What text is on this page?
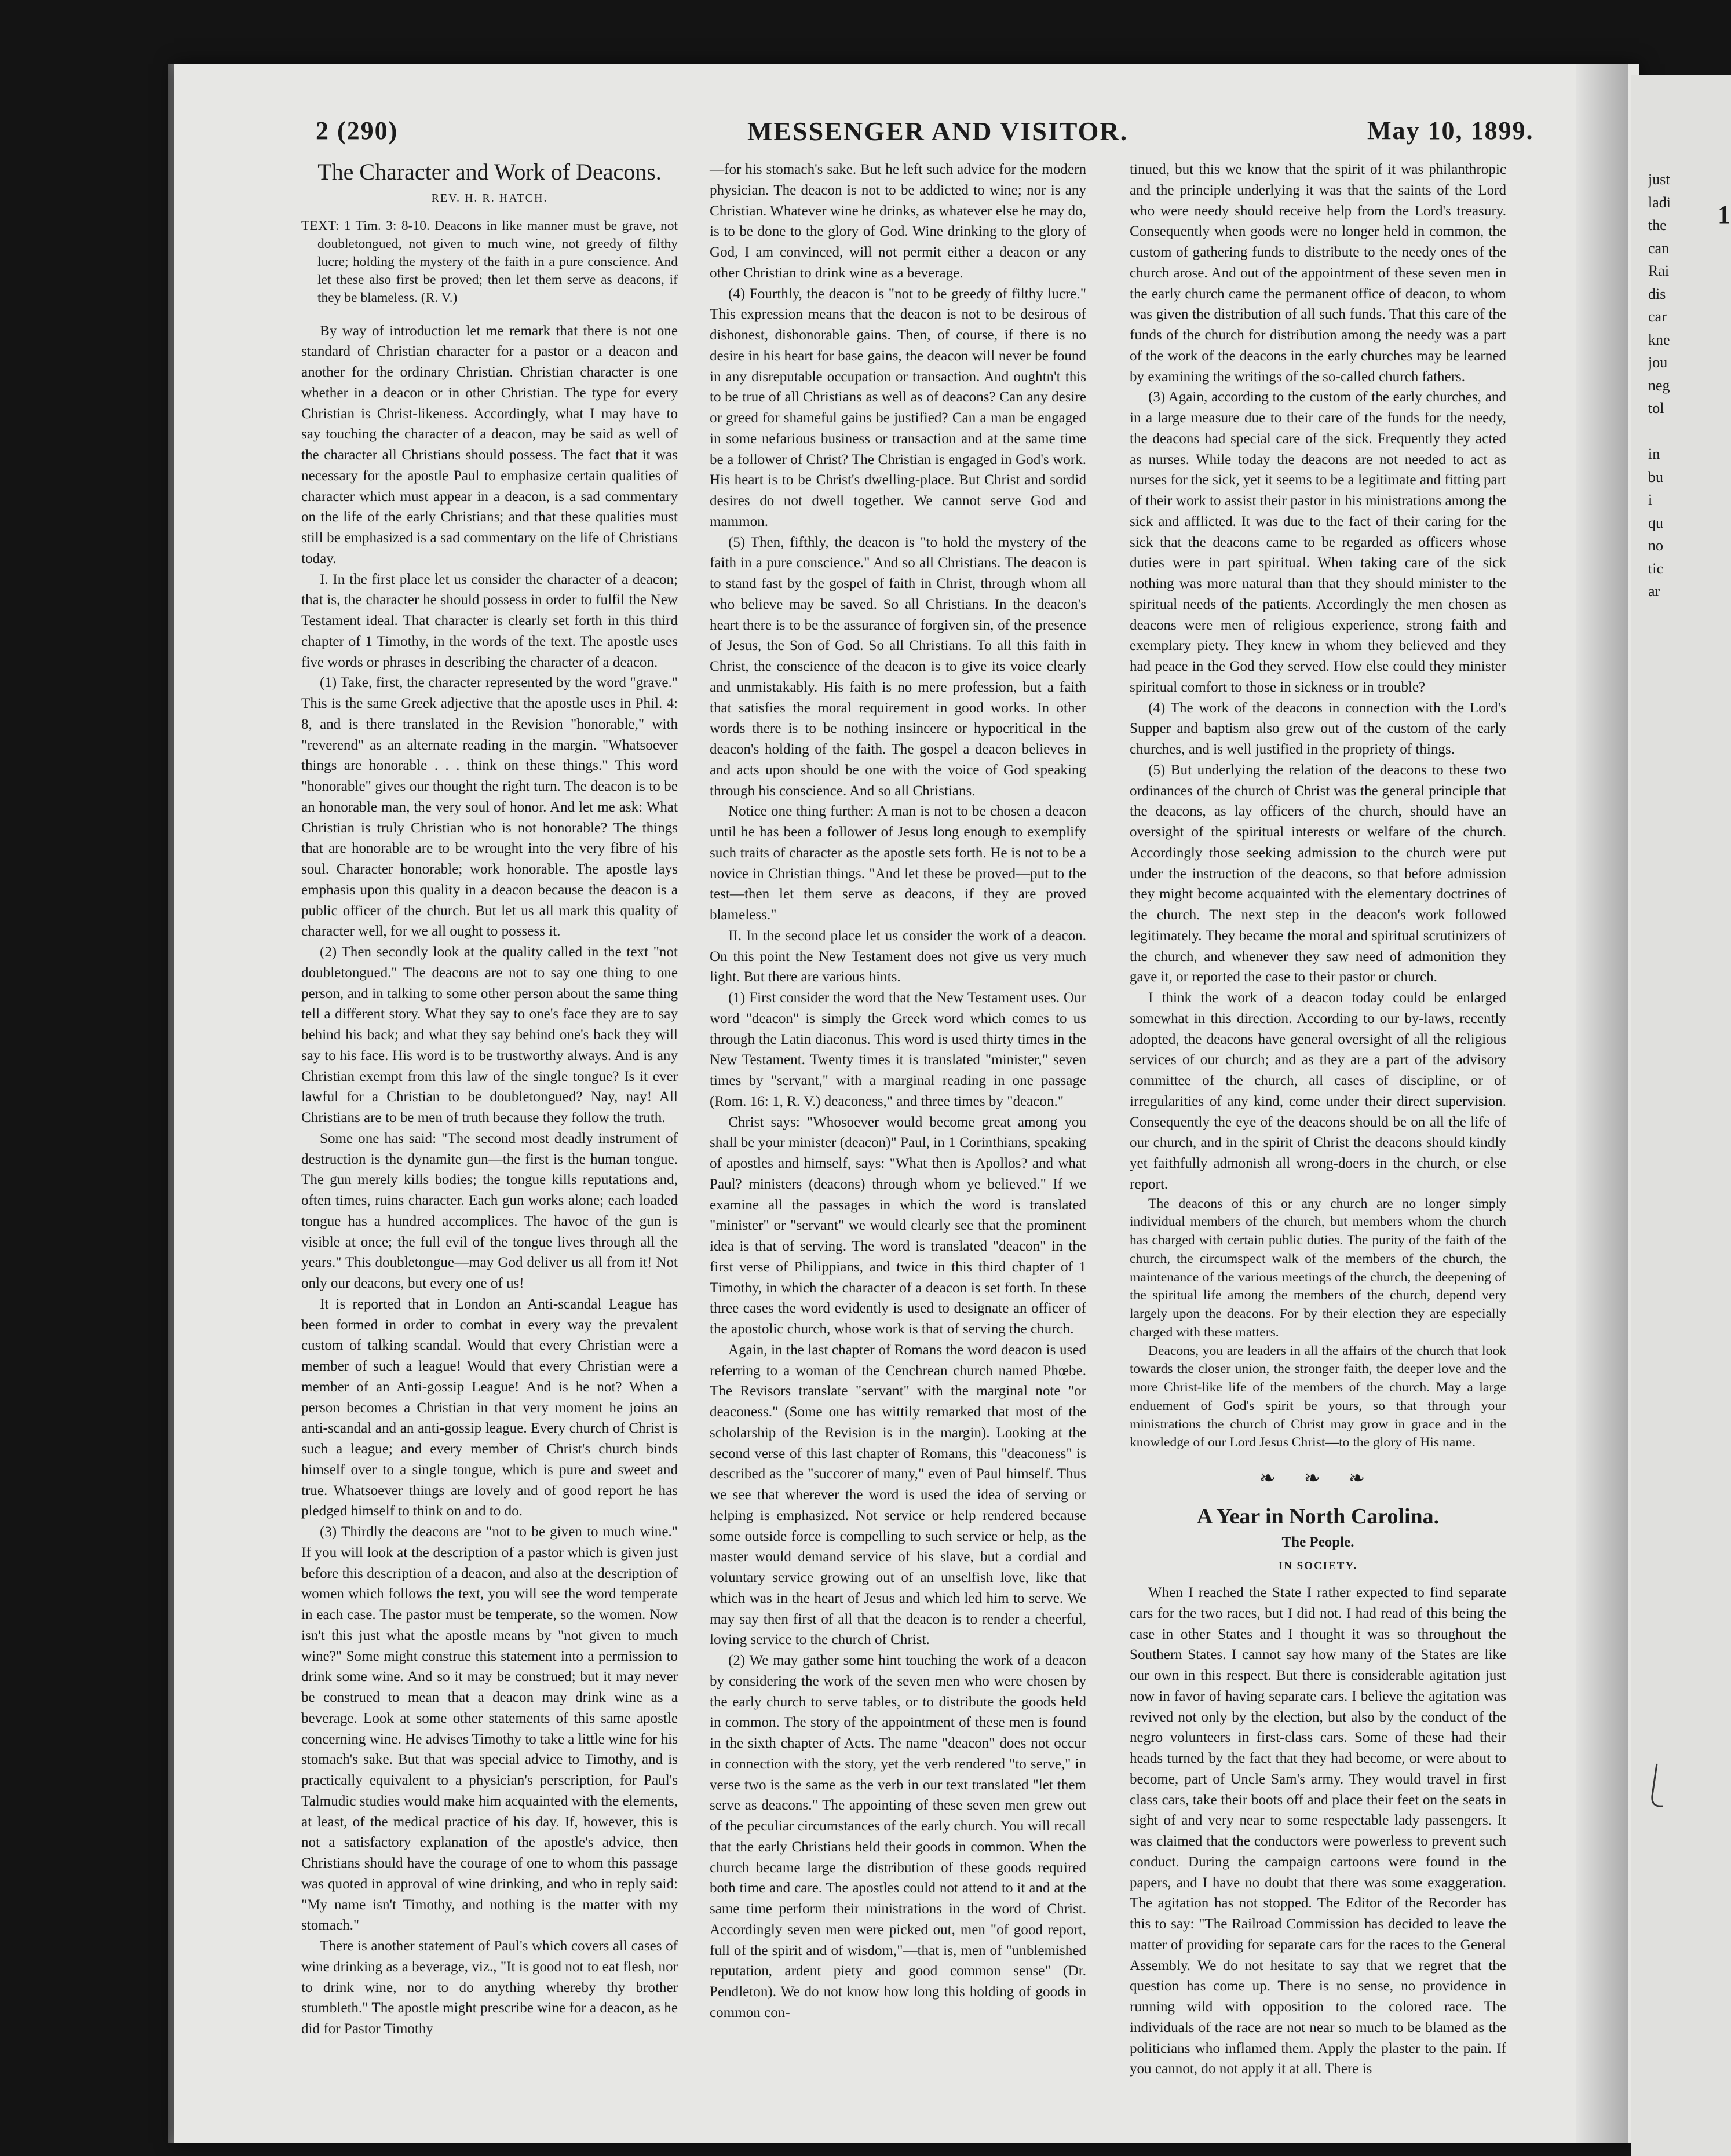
1
just
ladi
the
can
Rai
dis
car
kne
jou
neg
tol

in
bu
i
qu
no
tic
ar
2 (290)	MESSENGER AND VISITOR.	May 10, 1899.
The Character and Work of Deacons.
REV. H. R. HATCH.
TEXT: 1 Tim. 3: 8-10. Deacons in like manner must be grave, not doubletongued, not given to much wine, not greedy of filthy lucre; holding the mystery of the faith in a pure conscience. And let these also first be proved; then let them serve as deacons, if they be blameless. (R. V.)

By way of introduction let me remark that there is not one standard of Christian character for a pastor or a deacon and another for the ordinary Christian. Christian character is one whether in a deacon or in other Christian. The type for every Christian is Christ-likeness. Accordingly, what I may have to say touching the character of a deacon, may be said as well of the character all Christians should possess. The fact that it was necessary for the apostle Paul to emphasize certain qualities of character which must appear in a deacon, is a sad commentary on the life of the early Christians; and that these qualities must still be emphasized is a sad commentary on the life of Christians today.

I. In the first place let us consider the character of a deacon; that is, the character he should possess in order to fulfil the New Testament ideal. That character is clearly set forth in this third chapter of 1 Timothy, in the words of the text. The apostle uses five words or phrases in describing the character of a deacon.

(1) Take, first, the character represented by the word "grave." This is the same Greek adjective that the apostle uses in Phil. 4: 8, and is there translated in the Revision "honorable," with "reverend" as an alternate reading in the margin. "Whatsoever things are honorable . . . think on these things." This word "honorable" gives our thought the right turn. The deacon is to be an honorable man, the very soul of honor. And let me ask: What Christian is truly Christian who is not honorable? The things that are honorable are to be wrought into the very fibre of his soul. Character honorable; work honorable. The apostle lays emphasis upon this quality in a deacon because the deacon is a public officer of the church. But let us all mark this quality of character well, for we all ought to possess it.

(2) Then secondly look at the quality called in the text "not doubletongued." The deacons are not to say one thing to one person, and in talking to some other person about the same thing tell a different story. What they say to one's face they are to say behind his back; and what they say behind one's back they will say to his face. His word is to be trustworthy always. And is any Christian exempt from this law of the single tongue? Is it ever lawful for a Christian to be doubletongued? Nay, nay! All Christians are to be men of truth because they follow the truth.

Some one has said: "The second most deadly instrument of destruction is the dynamite gun—the first is the human tongue. The gun merely kills bodies; the tongue kills reputations and, often times, ruins character. Each gun works alone; each loaded tongue has a hundred accomplices. The havoc of the gun is visible at once; the full evil of the tongue lives through all the years." This doubletongue—may God deliver us all from it! Not only our deacons, but every one of us!

It is reported that in London an Anti-scandal League has been formed in order to combat in every way the prevalent custom of talking scandal. Would that every Christian were a member of such a league! Would that every Christian were a member of an Anti-gossip League! And is he not? When a person becomes a Christian in that very moment he joins an anti-scandal and an anti-gossip league. Every church of Christ is such a league; and every member of Christ's church binds himself over to a single tongue, which is pure and sweet and true. Whatsoever things are lovely and of good report he has pledged himself to think on and to do.

(3) Thirdly the deacons are "not to be given to much wine." If you will look at the description of a pastor which is given just before this description of a deacon, and also at the description of women which follows the text, you will see the word temperate in each case. The pastor must be temperate, so the women. Now isn't this just what the apostle means by "not given to much wine?" Some might construe this statement into a permission to drink some wine. And so it may be construed; but it may never be construed to mean that a deacon may drink wine as a beverage. Look at some other statements of this same apostle concerning wine. He advises Timothy to take a little wine for his stomach's sake. But that was special advice to Timothy, and is practically equivalent to a physician's perscription, for Paul's Talmudic studies would make him acquainted with the elements, at least, of the medical practice of his day. If, however, this is not a satisfactory explanation of the apostle's advice, then Christians should have the courage of one to whom this passage was quoted in approval of wine drinking, and who in reply said: "My name isn't Timothy, and nothing is the matter with my stomach."

There is another statement of Paul's which covers all cases of wine drinking as a beverage, viz., "It is good not to eat flesh, nor to drink wine, nor to do anything whereby thy brother stumbleth." The apostle might prescribe wine for a deacon, as he did for Pastor Timothy

—for his stomach's sake. But he left such advice for the modern physician. The deacon is not to be addicted to wine; nor is any Christian. Whatever wine he drinks, as whatever else he may do, is to be done to the glory of God. Wine drinking to the glory of God, I am convinced, will not permit either a deacon or any other Christian to drink wine as a beverage.

(4) Fourthly, the deacon is "not to be greedy of filthy lucre." This expression means that the deacon is not to be desirous of dishonest, dishonorable gains. Then, of course, if there is no desire in his heart for base gains, the deacon will never be found in any disreputable occupation or transaction. And oughtn't this to be true of all Christians as well as of deacons? Can any desire or greed for shameful gains be justified? Can a man be engaged in some nefarious business or transaction and at the same time be a follower of Christ? The Christian is engaged in God's work. His heart is to be Christ's dwelling-place. But Christ and sordid desires do not dwell together. We cannot serve God and mammon.

(5) Then, fifthly, the deacon is "to hold the mystery of the faith in a pure conscience." And so all Christians. The deacon is to stand fast by the gospel of faith in Christ, through whom all who believe may be saved. So all Christians. In the deacon's heart there is to be the assurance of forgiven sin, of the presence of Jesus, the Son of God. So all Christians. To all this faith in Christ, the conscience of the deacon is to give its voice clearly and unmistakably. His faith is no mere profession, but a faith that satisfies the moral requirement in good works. In other words there is to be nothing insincere or hypocritical in the deacon's holding of the faith. The gospel a deacon believes in and acts upon should be one with the voice of God speaking through his conscience. And so all Christians.

Notice one thing further: A man is not to be chosen a deacon until he has been a follower of Jesus long enough to exemplify such traits of character as the apostle sets forth. He is not to be a novice in Christian things. "And let these be proved—put to the test—then let them serve as deacons, if they are proved blameless."

II. In the second place let us consider the work of a deacon. On this point the New Testament does not give us very much light. But there are various hints.

(1) First consider the word that the New Testament uses. Our word "deacon" is simply the Greek word which comes to us through the Latin diaconus. This word is used thirty times in the New Testament. Twenty times it is translated "minister," seven times by "servant," with a marginal reading in one passage (Rom. 16: 1, R. V.) deaconess," and three times by "deacon."

Christ says: "Whosoever would become great among you shall be your minister (deacon)" Paul, in 1 Corinthians, speaking of apostles and himself, says: "What then is Apollos? and what Paul? ministers (deacons) through whom ye believed." If we examine all the passages in which the word is translated "minister" or "servant" we would clearly see that the prominent idea is that of serving. The word is translated "deacon" in the first verse of Philippians, and twice in this third chapter of 1 Timothy, in which the character of a deacon is set forth. In these three cases the word evidently is used to designate an officer of the apostolic church, whose work is that of serving the church.

Again, in the last chapter of Romans the word deacon is used referring to a woman of the Cenchrean church named Phœbe. The Revisors translate "servant" with the marginal note "or deaconess." (Some one has wittily remarked that most of the scholarship of the Revision is in the margin). Looking at the second verse of this last chapter of Romans, this "deaconess" is described as the "succorer of many," even of Paul himself. Thus we see that wherever the word is used the idea of serving or helping is emphasized. Not service or help rendered because some outside force is compelling to such service or help, as the master would demand service of his slave, but a cordial and voluntary service growing out of an unselfish love, like that which was in the heart of Jesus and which led him to serve. We may say then first of all that the deacon is to render a cheerful, loving service to the church of Christ.

(2) We may gather some hint touching the work of a deacon by considering the work of the seven men who were chosen by the early church to serve tables, or to distribute the goods held in common. The story of the appointment of these men is found in the sixth chapter of Acts. The name "deacon" does not occur in connection with the story, yet the verb rendered "to serve," in verse two is the same as the verb in our text translated "let them serve as deacons." The appointing of these seven men grew out of the peculiar circumstances of the early church. You will recall that the early Christians held their goods in common. When the church became large the distribution of these goods required both time and care. The apostles could not attend to it and at the same time perform their ministrations in the word of Christ. Accordingly seven men were picked out, men "of good report, full of the spirit and of wisdom,"—that is, men of "unblemished reputation, ardent piety and good common sense" (Dr. Pendleton). We do not know how long this holding of goods in common con-

tinued, but this we know that the spirit of it was philanthropic and the principle underlying it was that the saints of the Lord who were needy should receive help from the Lord's treasury. Consequently when goods were no longer held in common, the custom of gathering funds to distribute to the needy ones of the church arose. And out of the appointment of these seven men in the early church came the permanent office of deacon, to whom was given the distribution of all such funds. That this care of the funds of the church for distribution among the needy was a part of the work of the deacons in the early churches may be learned by examining the writings of the so-called church fathers.

(3) Again, according to the custom of the early churches, and in a large measure due to their care of the funds for the needy, the deacons had special care of the sick. Frequently they acted as nurses. While today the deacons are not needed to act as nurses for the sick, yet it seems to be a legitimate and fitting part of their work to assist their pastor in his ministrations among the sick and afflicted. It was due to the fact of their caring for the sick that the deacons came to be regarded as officers whose duties were in part spiritual. When taking care of the sick nothing was more natural than that they should minister to the spiritual needs of the patients. Accordingly the men chosen as deacons were men of religious experience, strong faith and exemplary piety. They knew in whom they believed and they had peace in the God they served. How else could they minister spiritual comfort to those in sickness or in trouble?

(4) The work of the deacons in connection with the Lord's Supper and baptism also grew out of the custom of the early churches, and is well justified in the propriety of things.

(5) But underlying the relation of the deacons to these two ordinances of the church of Christ was the general principle that the deacons, as lay officers of the church, should have an oversight of the spiritual interests or welfare of the church. Accordingly those seeking admission to the church were put under the instruction of the deacons, so that before admission they might become acquainted with the elementary doctrines of the church. The next step in the deacon's work followed legitimately. They became the moral and spiritual scrutinizers of the church, and whenever they saw need of admonition they gave it, or reported the case to their pastor or church.

I think the work of a deacon today could be enlarged somewhat in this direction. According to our by-laws, recently adopted, the deacons have general oversight of all the religious services of our church; and as they are a part of the advisory committee of the church, all cases of discipline, or of irregularities of any kind, come under their direct supervision. Consequently the eye of the deacons should be on all the life of our church, and in the spirit of Christ the deacons should kindly yet faithfully admonish all wrong-doers in the church, or else report.

The deacons of this or any church are no longer simply individual members of the church, but members whom the church has charged with certain public duties. The purity of the faith of the church, the circumspect walk of the members of the church, the maintenance of the various meetings of the church, the deepening of the spiritual life among the members of the church, depend very largely upon the deacons. For by their election they are especially charged with these matters.

Deacons, you are leaders in all the affairs of the church that look towards the closer union, the stronger faith, the deeper love and the more Christ-like life of the members of the church. May a large enduement of God's spirit be yours, so that through your ministrations the church of Christ may grow in grace and in the knowledge of our Lord Jesus Christ—to the glory of His name.

❧ ❧ ❧
A Year in North Carolina.
The People.
IN SOCIETY.

When I reached the State I rather expected to find separate cars for the two races, but I did not. I had read of this being the case in other States and I thought it was so throughout the Southern States. I cannot say how many of the States are like our own in this respect. But there is considerable agitation just now in favor of having separate cars. I believe the agitation was revived not only by the election, but also by the conduct of the negro volunteers in first-class cars. Some of these had their heads turned by the fact that they had become, or were about to become, part of Uncle Sam's army. They would travel in first class cars, take their boots off and place their feet on the seats in sight of and very near to some respectable lady passengers. It was claimed that the conductors were powerless to prevent such conduct. During the campaign cartoons were found in the papers, and I have no doubt that there was some exaggeration. The agitation has not stopped. The Editor of the Recorder has this to say: "The Railroad Commission has decided to leave the matter of providing for separate cars for the races to the General Assembly. We do not hesitate to say that we regret that the question has come up. There is no sense, no providence in running wild with opposition to the colored race. The individuals of the race are not near so much to be blamed as the politicians who inflamed them. Apply the plaster to the pain. If you cannot, do not apply it at all. There is
